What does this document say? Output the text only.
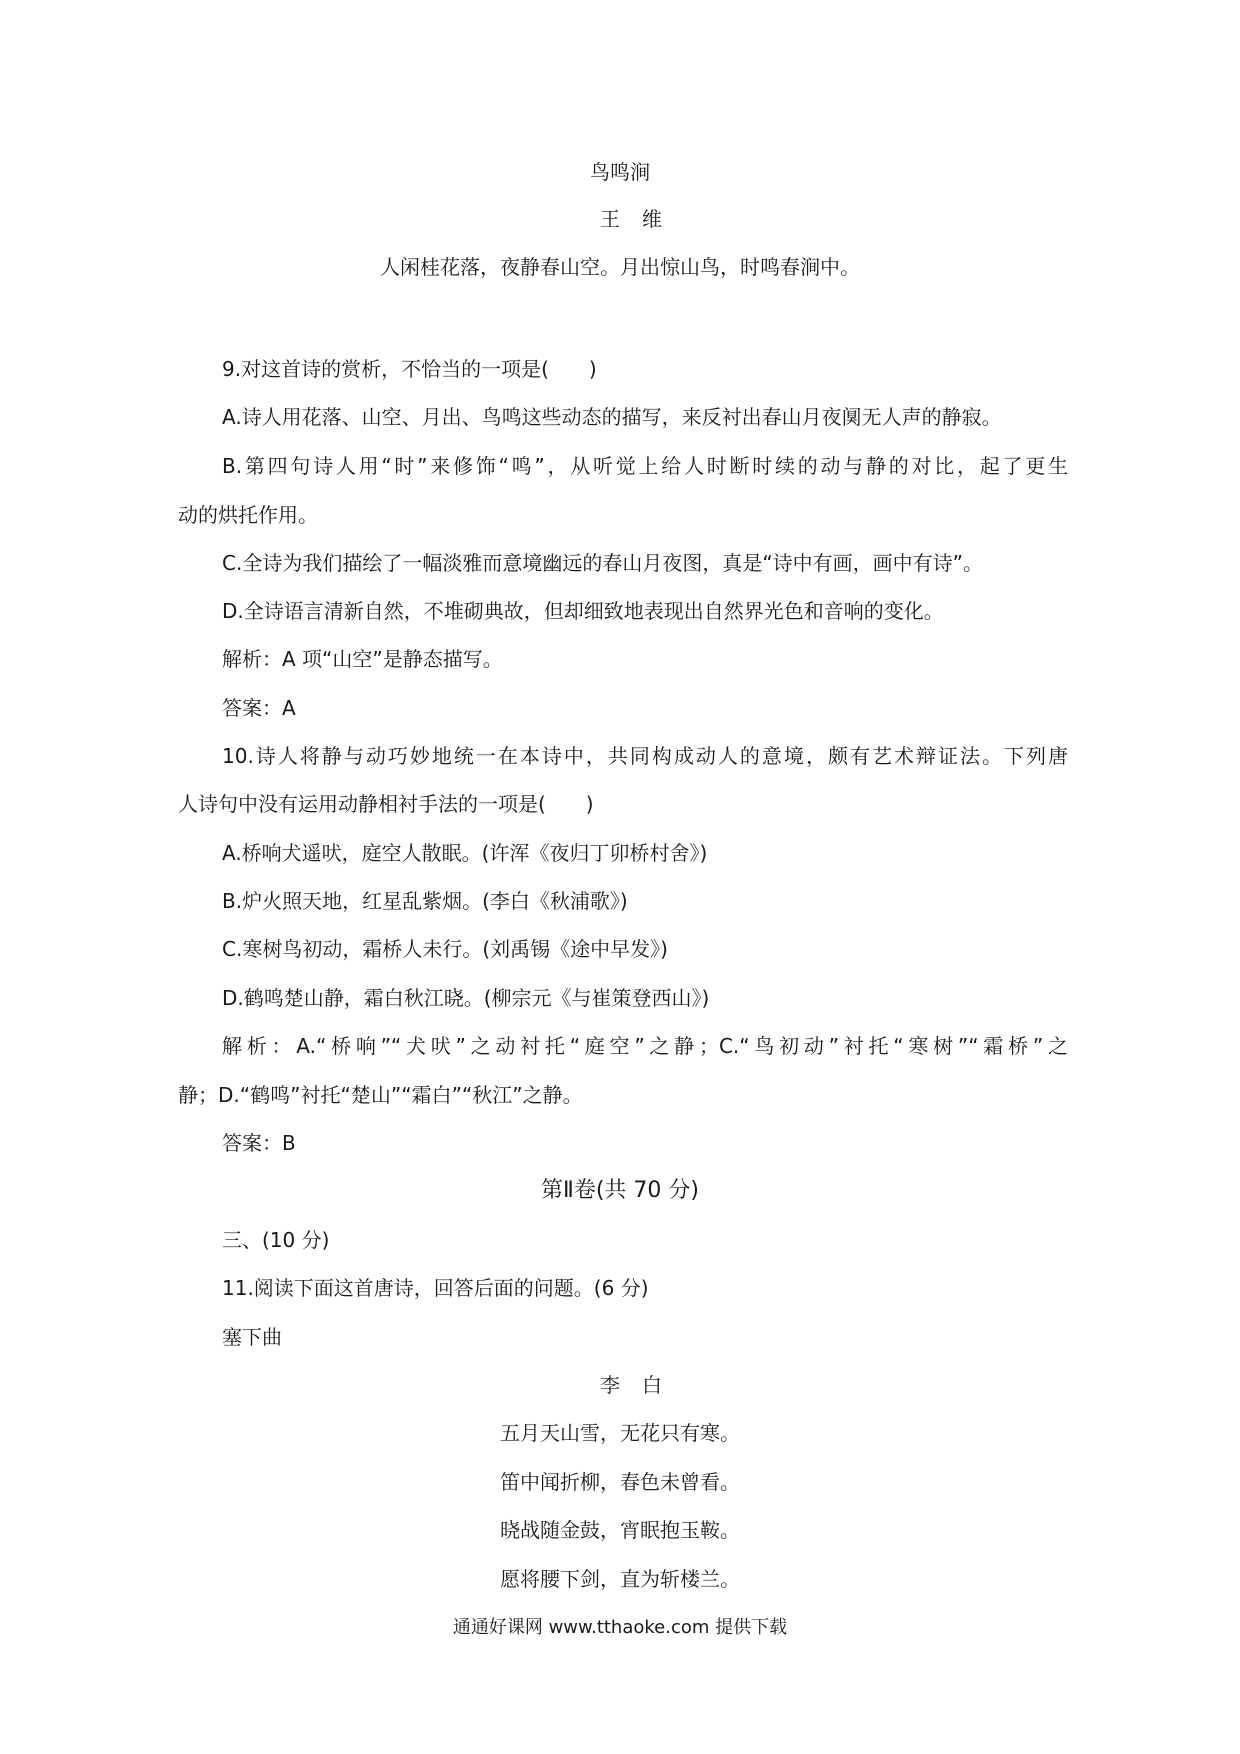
鸟鸣涧
王维
人闲桂花落，夜静春山空。月出惊山鸟，时鸣春涧中。
9.对这首诗的赏析，不恰当的一项是(　　)
A.诗人用花落、山空、月出、鸟鸣这些动态的描写，来反衬出春山月夜阒无人声的静寂。
B.第四句诗人用“时”来修饰“鸣”，从听觉上给人时断时续的动与静的对比，起了更生
动的烘托作用。
C.全诗为我们描绘了一幅淡雅而意境幽远的春山月夜图，真是“诗中有画，画中有诗”。
D.全诗语言清新自然，不堆砌典故，但却细致地表现出自然界光色和音响的变化。
解析：A 项“山空”是静态描写。
答案：A
10.诗人将静与动巧妙地统一在本诗中，共同构成动人的意境，颇有艺术辩证法。下列唐
人诗句中没有运用动静相衬手法的一项是(　　)
A.桥响犬遥吠，庭空人散眠。(许浑《夜归丁卯桥村舍》)
B.炉火照天地，红星乱紫烟。(李白《秋浦歌》)
C.寒树鸟初动，霜桥人未行。(刘禹锡《途中早发》)
D.鹤鸣楚山静，霜白秋江晓。(柳宗元《与崔策登西山》)
解析：A.“桥响”“犬吠”之动衬托“庭空”之静；C.“鸟初动”衬托“寒树”“霜桥”之
静；D.“鹤鸣”衬托“楚山”“霜白”“秋江”之静。
答案：B
第Ⅱ卷(共 70 分)
三、(10 分)
11.阅读下面这首唐诗，回答后面的问题。(6 分)
塞下曲
李白
五月天山雪，无花只有寒。
笛中闻折柳，春色未曾看。
晓战随金鼓，宵眠抱玉鞍。
愿将腰下剑，直为斩楼兰。
通通好课网 www.tthaoke.com 提供下载
